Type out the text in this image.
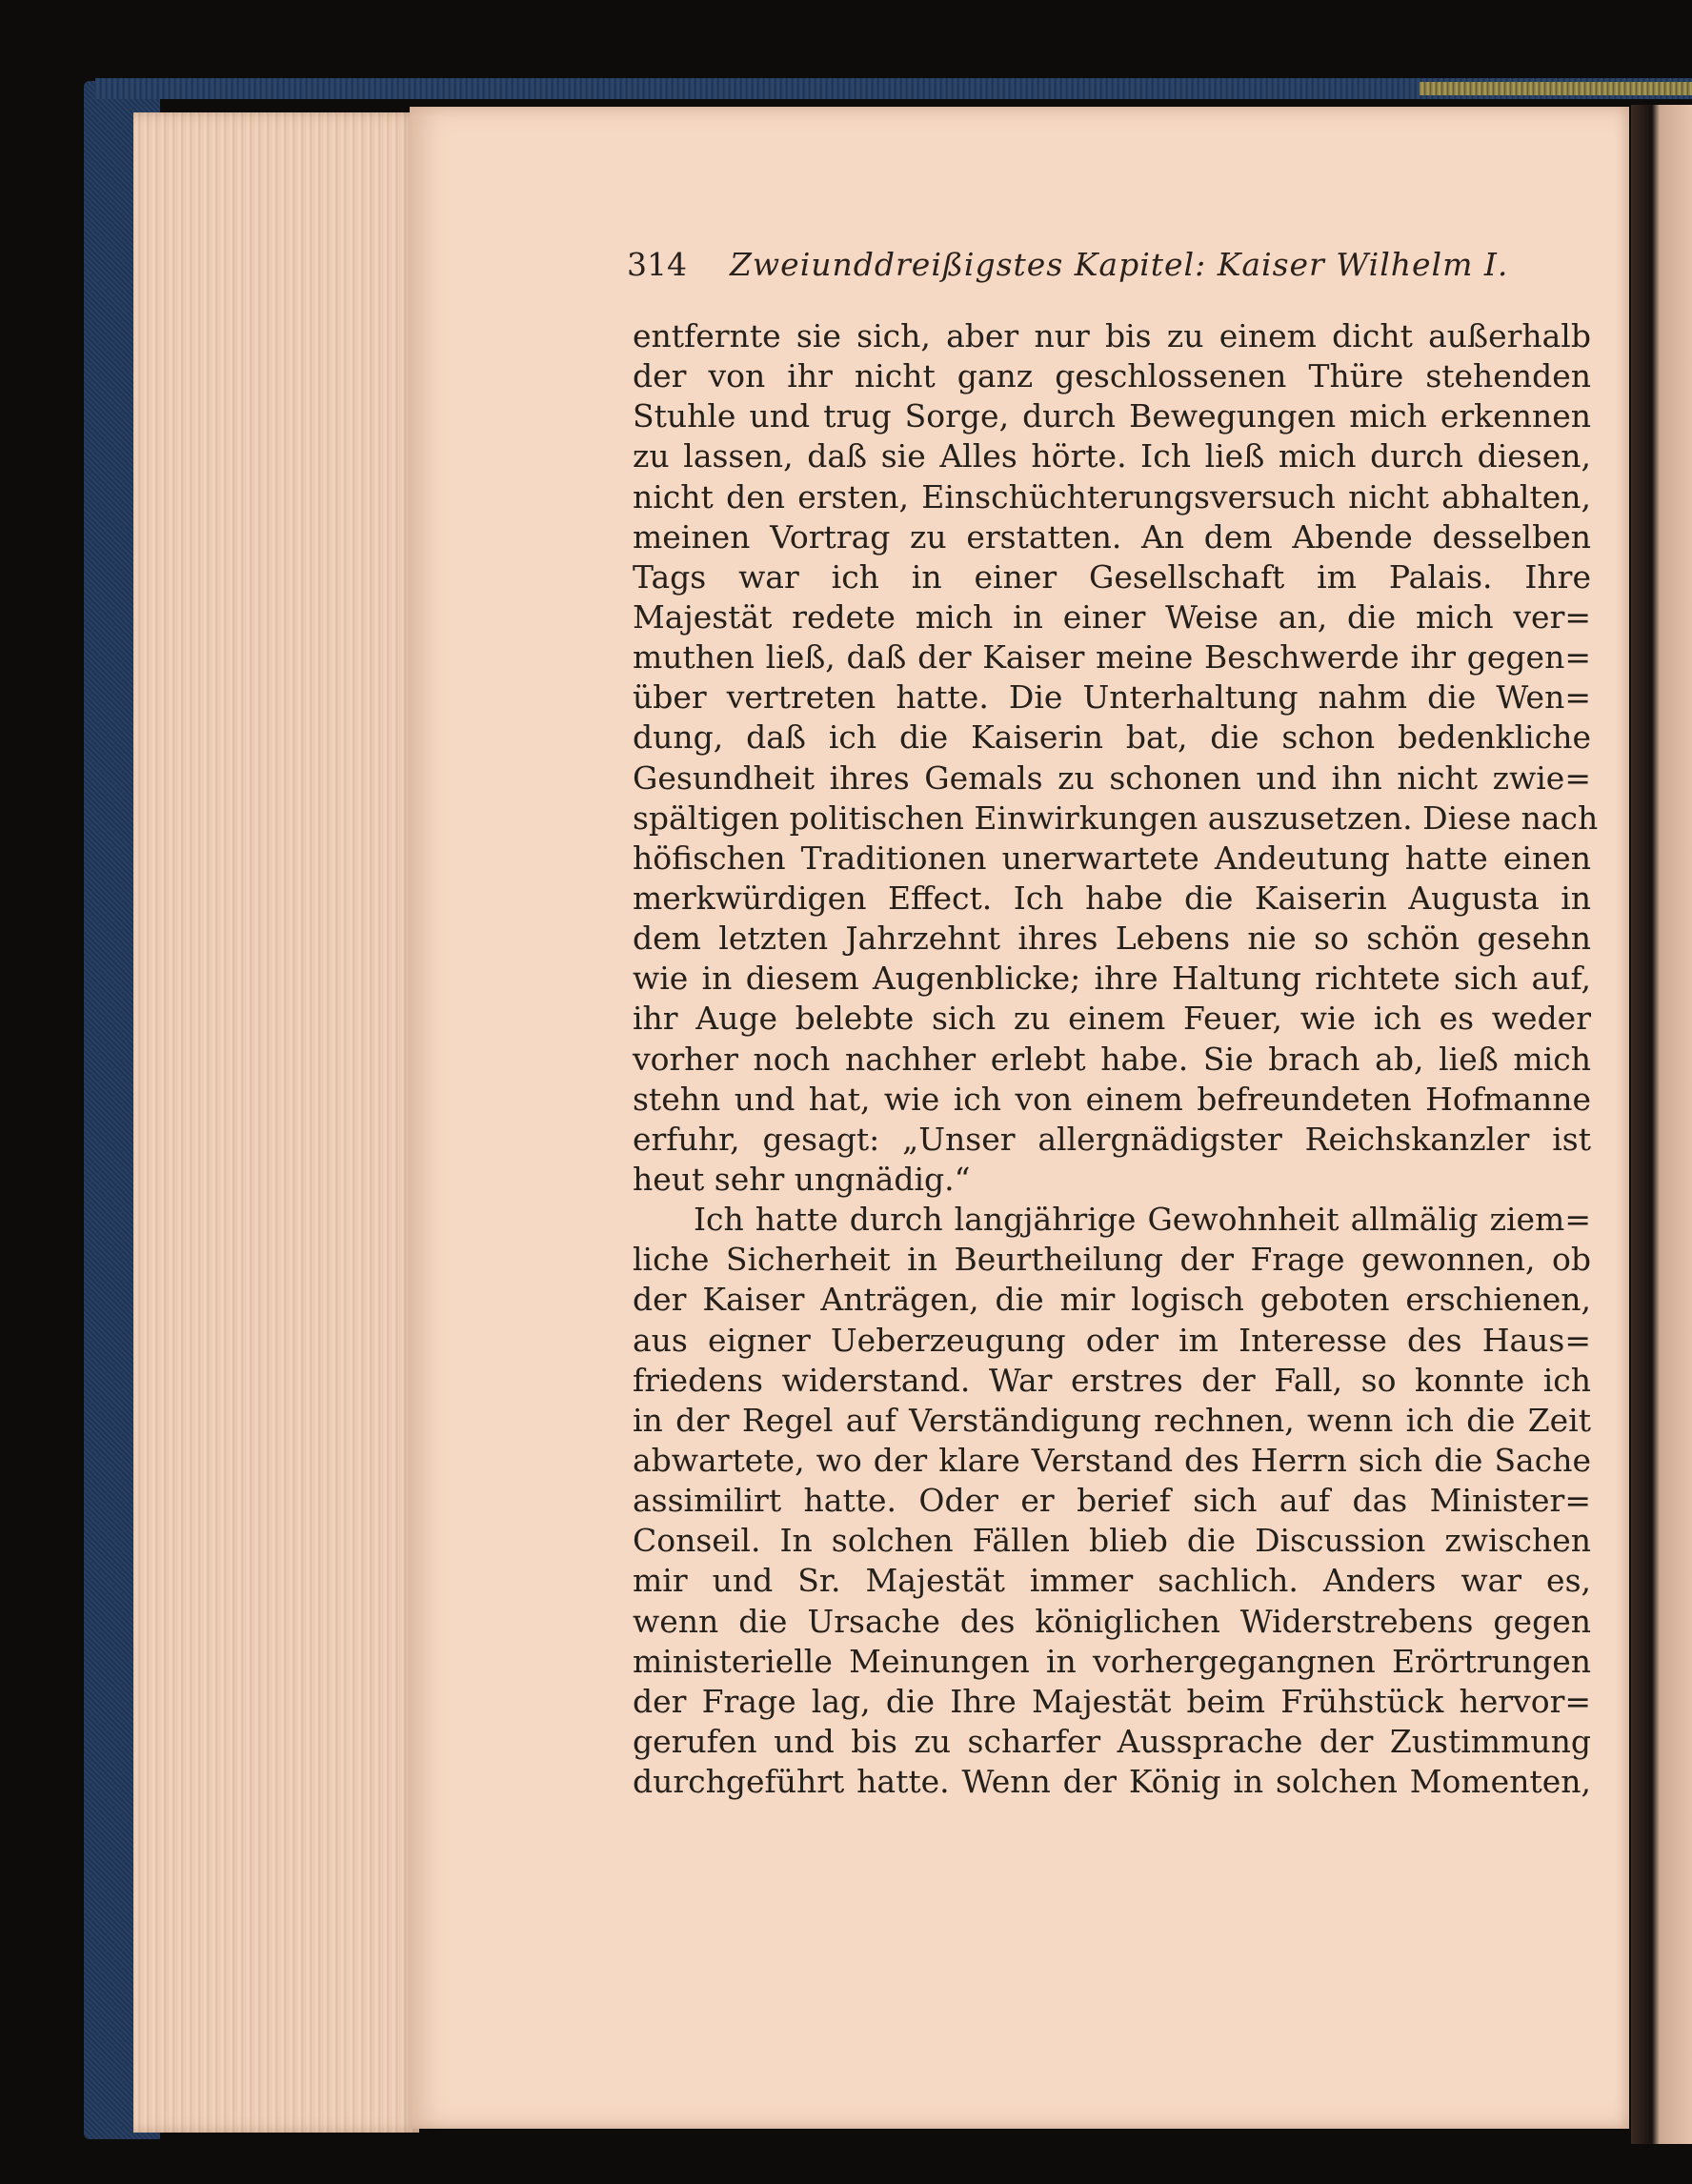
314 Zweiunddreißigstes Kapitel: Kaiser Wilhelm I.
entfernte sie sich, aber nur bis zu einem dicht außerhalb
der von ihr nicht ganz geschlossenen Thüre stehenden
Stuhle und trug Sorge, durch Bewegungen mich erkennen
zu lassen, daß sie Alles hörte. Ich ließ mich durch diesen,
nicht den ersten, Einschüchterungsversuch nicht abhalten,
meinen Vortrag zu erstatten. An dem Abende desselben
Tags war ich in einer Gesellschaft im Palais. Ihre
Majestät redete mich in einer Weise an, die mich ver=
muthen ließ, daß der Kaiser meine Beschwerde ihr gegen=
über vertreten hatte. Die Unterhaltung nahm die Wen=
dung, daß ich die Kaiserin bat, die schon bedenkliche
Gesundheit ihres Gemals zu schonen und ihn nicht zwie=
spältigen politischen Einwirkungen auszusetzen. Diese nach
höfischen Traditionen unerwartete Andeutung hatte einen
merkwürdigen Effect. Ich habe die Kaiserin Augusta in
dem letzten Jahrzehnt ihres Lebens nie so schön gesehn
wie in diesem Augenblicke; ihre Haltung richtete sich auf,
ihr Auge belebte sich zu einem Feuer, wie ich es weder
vorher noch nachher erlebt habe. Sie brach ab, ließ mich
stehn und hat, wie ich von einem befreundeten Hofmanne
erfuhr, gesagt: „Unser allergnädigster Reichskanzler ist
heut sehr ungnädig.“
Ich hatte durch langjährige Gewohnheit allmälig ziem=
liche Sicherheit in Beurtheilung der Frage gewonnen, ob
der Kaiser Anträgen, die mir logisch geboten erschienen,
aus eigner Ueberzeugung oder im Interesse des Haus=
friedens widerstand. War erstres der Fall, so konnte ich
in der Regel auf Verständigung rechnen, wenn ich die Zeit
abwartete, wo der klare Verstand des Herrn sich die Sache
assimilirt hatte. Oder er berief sich auf das Minister=
Conseil. In solchen Fällen blieb die Discussion zwischen
mir und Sr. Majestät immer sachlich. Anders war es,
wenn die Ursache des königlichen Widerstrebens gegen
ministerielle Meinungen in vorhergegangnen Erörtrungen
der Frage lag, die Ihre Majestät beim Frühstück hervor=
gerufen und bis zu scharfer Aussprache der Zustimmung
durchgeführt hatte. Wenn der König in solchen Momenten,
